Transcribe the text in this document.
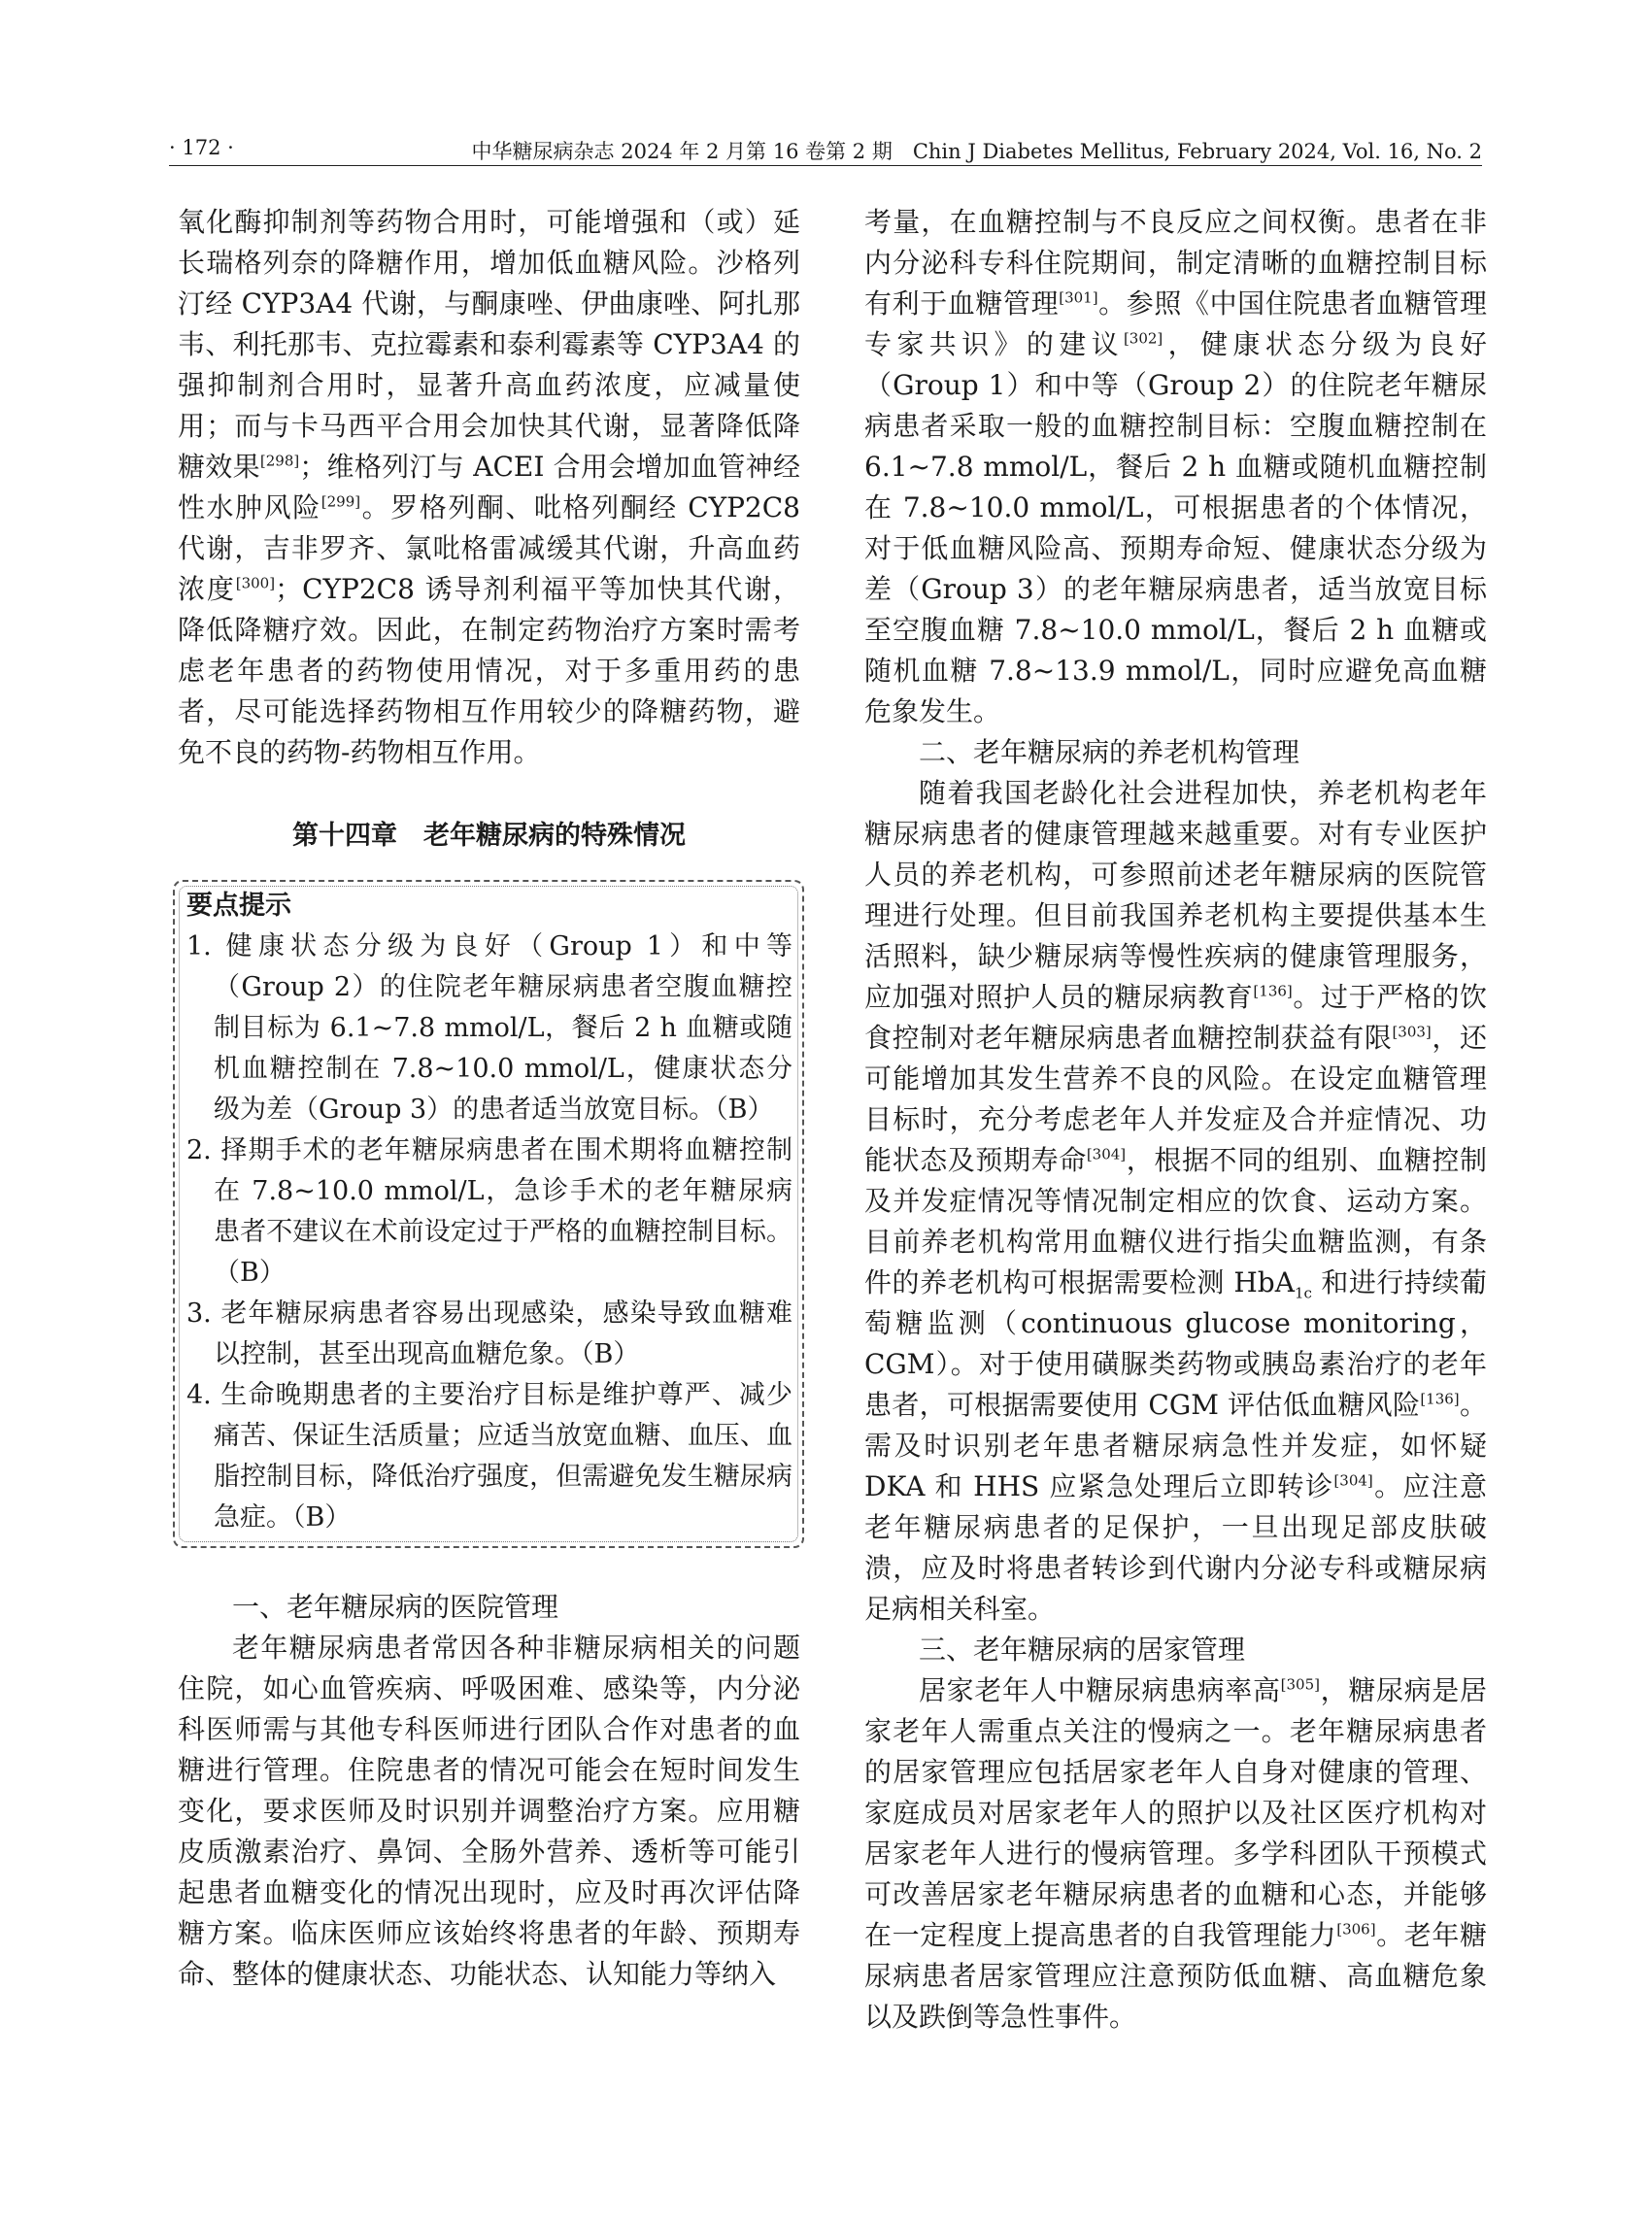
· 172 ·	中华糖尿病杂志 2024 年 2 月第 16 卷第 2 期　Chin J Diabetes Mellitus, February 2024, Vol. 16, No. 2

氧化酶抑制剂等药物合用时，可能增强和（或）延长瑞格列奈的降糖作用，增加低血糖风险。沙格列汀经 CYP3A4 代谢，与酮康唑、伊曲康唑、阿扎那韦、利托那韦、克拉霉素和泰利霉素等 CYP3A4 的强抑制剂合用时，显著升高血药浓度，应减量使用；而与卡马西平合用会加快其代谢，显著降低降糖效果[298]；维格列汀与 ACEI 合用会增加血管神经性水肿风险[299]。罗格列酮、吡格列酮经 CYP2C8 代谢，吉非罗齐、氯吡格雷减缓其代谢，升高血药浓度[300]；CYP2C8 诱导剂利福平等加快其代谢，降低降糖疗效。因此，在制定药物治疗方案时需考虑老年患者的药物使用情况，对于多重用药的患者，尽可能选择药物相互作用较少的降糖药物，避免不良的药物-药物相互作用。

第十四章　老年糖尿病的特殊情况
要点提示
1. 健康状态分级为良好（Group 1）和中等（Group 2）的住院老年糖尿病患者空腹血糖控制目标为 6.1~7.8 mmol/L，餐后 2 h 血糖或随机血糖控制在 7.8~10.0 mmol/L，健康状态分级为差（Group 3）的患者适当放宽目标。（B）
2. 择期手术的老年糖尿病患者在围术期将血糖控制在 7.8~10.0 mmol/L，急诊手术的老年糖尿病患者不建议在术前设定过于严格的血糖控制目标。（B）
3. 老年糖尿病患者容易出现感染，感染导致血糖难以控制，甚至出现高血糖危象。（B）
4. 生命晚期患者的主要治疗目标是维护尊严、减少痛苦、保证生活质量；应适当放宽血糖、血压、血脂控制目标，降低治疗强度，但需避免发生糖尿病急症。（B）

一、老年糖尿病的医院管理

老年糖尿病患者常因各种非糖尿病相关的问题住院，如心血管疾病、呼吸困难、感染等，内分泌科医师需与其他专科医师进行团队合作对患者的血糖进行管理。住院患者的情况可能会在短时间发生变化，要求医师及时识别并调整治疗方案。应用糖皮质激素治疗、鼻饲、全肠外营养、透析等可能引起患者血糖变化的情况出现时，应及时再次评估降糖方案。临床医师应该始终将患者的年龄、预期寿命、整体的健康状态、功能状态、认知能力等纳入

考量，在血糖控制与不良反应之间权衡。患者在非内分泌科专科住院期间，制定清晰的血糖控制目标有利于血糖管理[301]。参照《中国住院患者血糖管理专家共识》的建议[302]，健康状态分级为良好（Group 1）和中等（Group 2）的住院老年糖尿病患者采取一般的血糖控制目标：空腹血糖控制在 6.1~7.8 mmol/L，餐后 2 h 血糖或随机血糖控制在 7.8~10.0 mmol/L，可根据患者的个体情况，对于低血糖风险高、预期寿命短、健康状态分级为差（Group 3）的老年糖尿病患者，适当放宽目标至空腹血糖 7.8~10.0 mmol/L，餐后 2 h 血糖或随机血糖 7.8~13.9 mmol/L，同时应避免高血糖危象发生。

二、老年糖尿病的养老机构管理

随着我国老龄化社会进程加快，养老机构老年糖尿病患者的健康管理越来越重要。对有专业医护人员的养老机构，可参照前述老年糖尿病的医院管理进行处理。但目前我国养老机构主要提供基本生活照料，缺少糖尿病等慢性疾病的健康管理服务，应加强对照护人员的糖尿病教育[136]。过于严格的饮食控制对老年糖尿病患者血糖控制获益有限[303]，还可能增加其发生营养不良的风险。在设定血糖管理目标时，充分考虑老年人并发症及合并症情况、功能状态及预期寿命[304]，根据不同的组别、血糖控制及并发症情况等情况制定相应的饮食、运动方案。目前养老机构常用血糖仪进行指尖血糖监测，有条件的养老机构可根据需要检测 HbA$_{1c}$ 和进行持续葡萄糖监测（continuous glucose monitoring，CGM）。对于使用磺脲类药物或胰岛素治疗的老年患者，可根据需要使用 CGM 评估低血糖风险[136]。需及时识别老年患者糖尿病急性并发症，如怀疑 DKA 和 HHS 应紧急处理后立即转诊[304]。应注意老年糖尿病患者的足保护，一旦出现足部皮肤破溃，应及时将患者转诊到代谢内分泌专科或糖尿病足病相关科室。

三、老年糖尿病的居家管理

居家老年人中糖尿病患病率高[305]，糖尿病是居家老年人需重点关注的慢病之一。老年糖尿病患者的居家管理应包括居家老年人自身对健康的管理、家庭成员对居家老年人的照护以及社区医疗机构对居家老年人进行的慢病管理。多学科团队干预模式可改善居家老年糖尿病患者的血糖和心态，并能够在一定程度上提高患者的自我管理能力[306]。老年糖尿病患者居家管理应注意预防低血糖、高血糖危象以及跌倒等急性事件。
